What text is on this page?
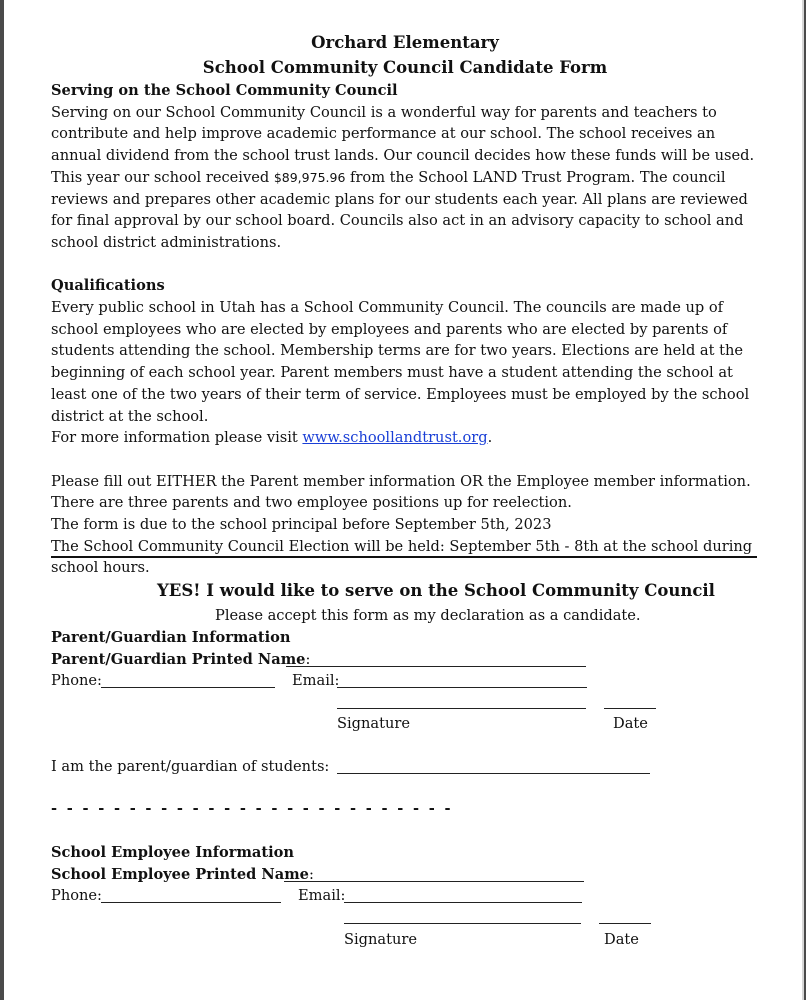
Orchard Elementary
School Community Council Candidate Form

Serving on the School Community Council

Serving on our School Community Council is a wonderful way for parents and teachers to contribute and help improve academic performance at our school. The school receives an annual dividend from the school trust lands. Our council decides how these funds will be used. This year our school received $89,975.96 from the School LAND Trust Program. The council reviews and prepares other academic plans for our students each year. All plans are reviewed for final approval by our school board. Councils also act in an advisory capacity to school and school district administrations.

Qualifications

Every public school in Utah has a School Community Council. The councils are made up of school employees who are elected by employees and parents who are elected by parents of students attending the school. Membership terms are for two years. Elections are held at the beginning of each school year. Parent members must have a student attending the school at least one of the two years of their term of service. Employees must be employed by the school district at the school.

For more information please visit www.schoollandtrust.org.

Please fill out EITHER the Parent member information OR the Employee member information.

There are three parents and two employee positions up for reelection.

The form is due to the school principal before September 5th, 2023

The School Community Council Election will be held: September 5th - 8th at the school during school hours.

YES! I would like to serve on the School Community Council
Please accept this form as my declaration as a candidate.
Parent/Guardian Information
Parent/Guardian Printed Name:
Phone:	Email:
Signature	Date
I am the parent/guardian of students:
- - - - - - - - - - - - - - - - - - - - - - - - - -
School Employee Information
School Employee Printed Name:
Phone:	Email:
Signature	Date
